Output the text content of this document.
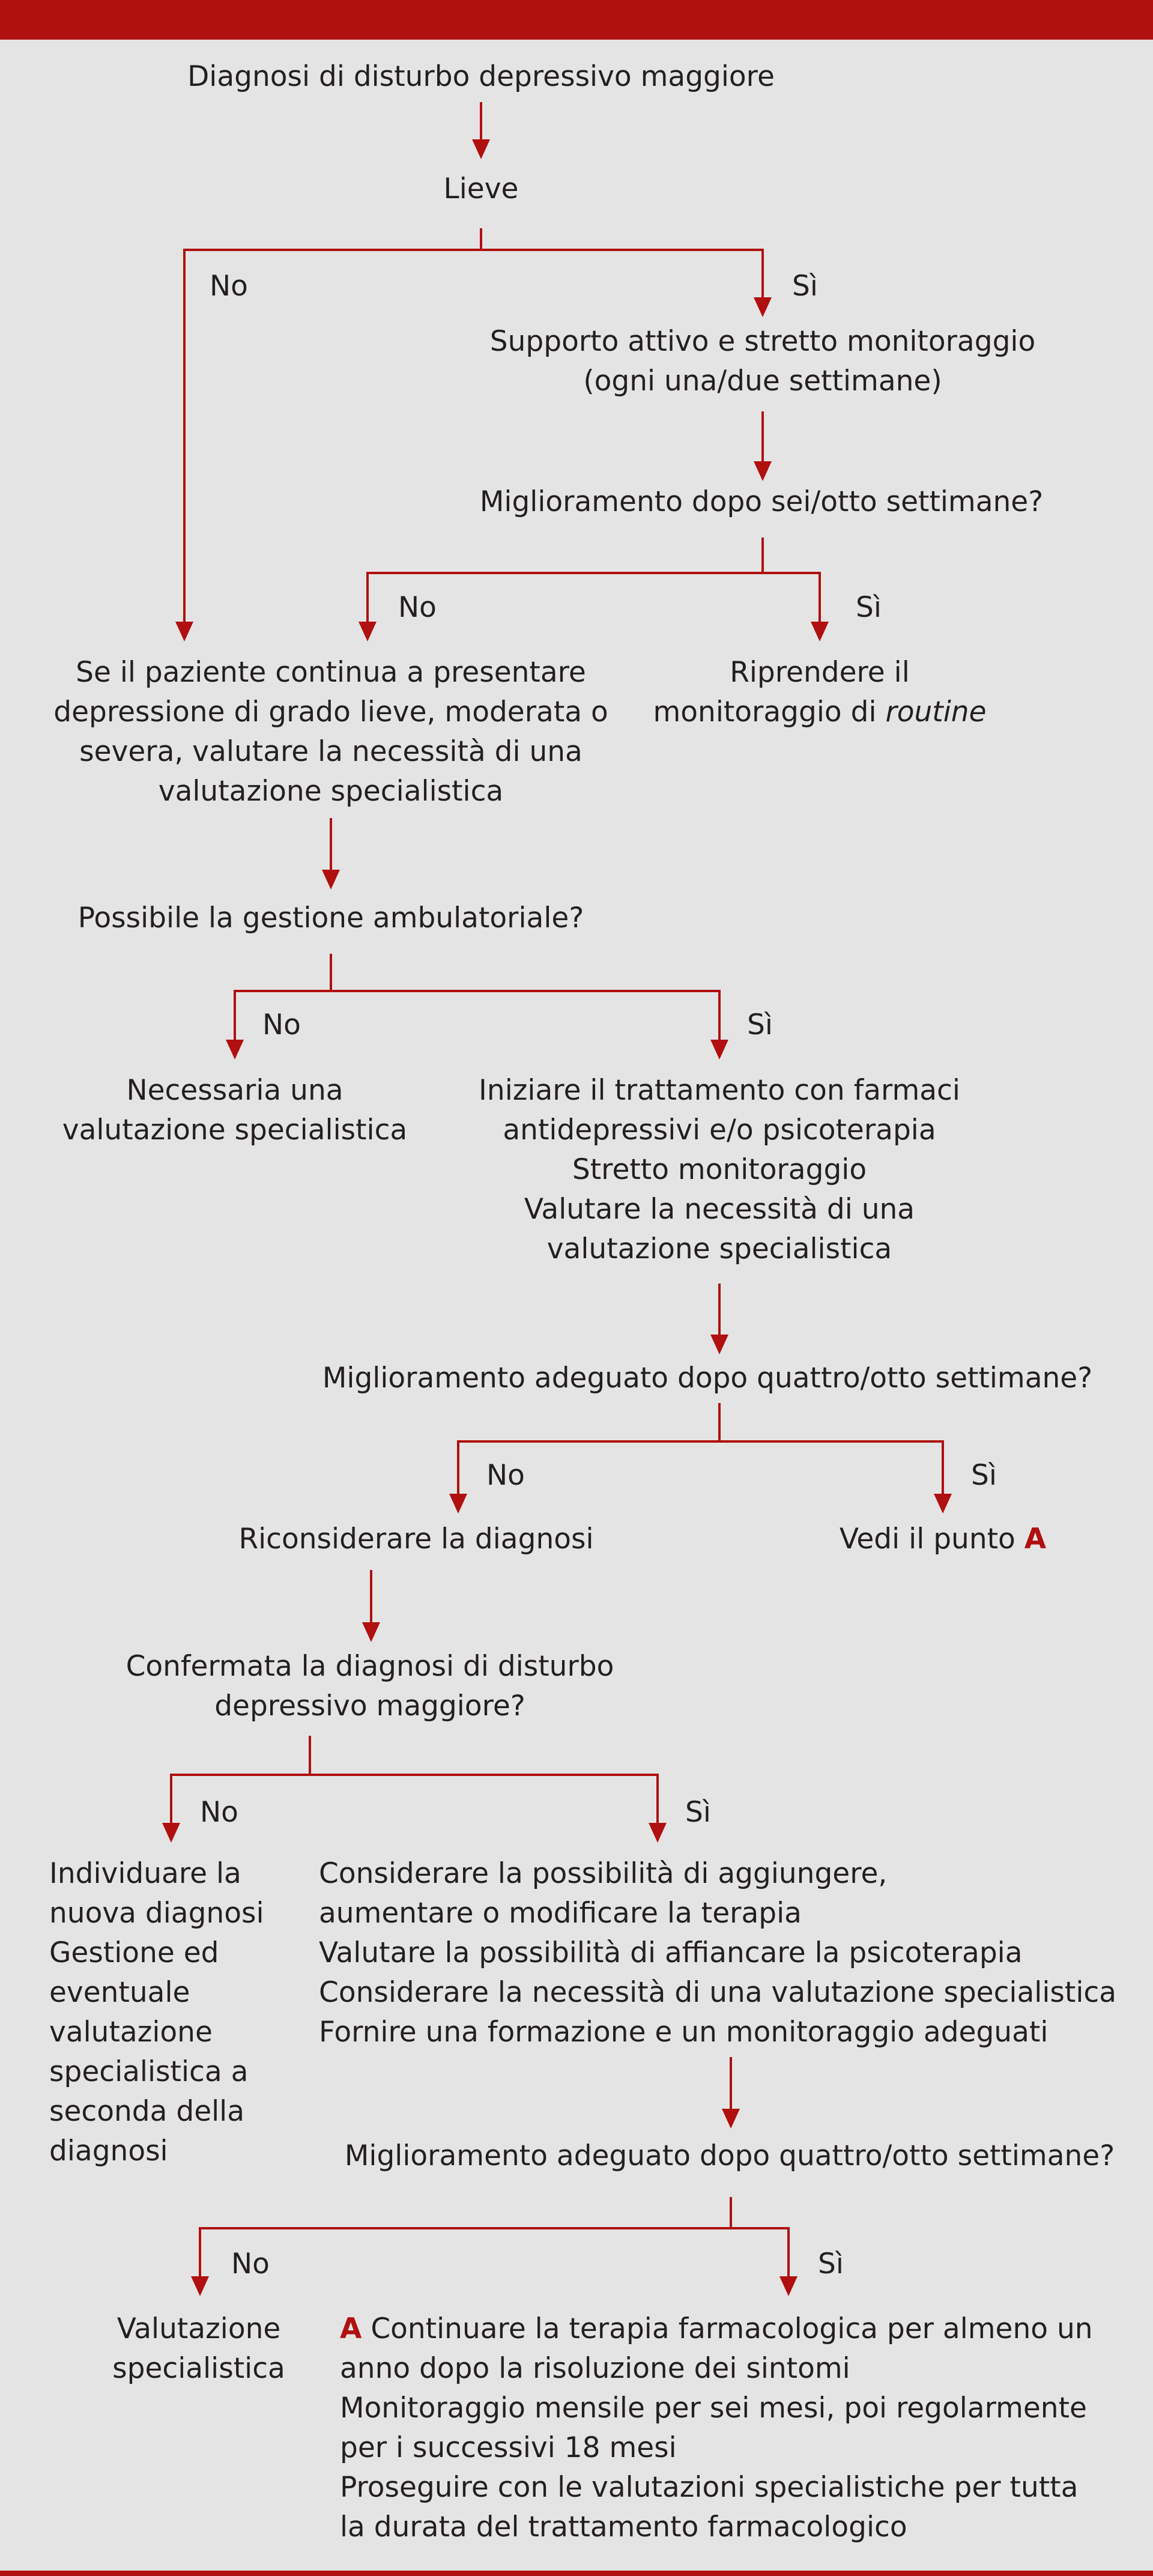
Diagnosi di disturbo depressivo maggiore

Lieve

No	Sì
Supporto attivo e stretto monitoraggio
(ogni una/due settimane)

Miglioramento dopo sei/otto settimane?

No	Sì
Se il paziente continua a presentare
depressione di grado lieve, moderata o
severa, valutare la necessità di una
valutazione specialistica
Riprendere il
monitoraggio di routine

Possibile la gestione ambulatoriale?

No	Sì
Necessaria una
valutazione specialistica
Iniziare il trattamento con farmaci
antidepressivi e/o psicoterapia
Stretto monitoraggio
Valutare la necessità di una
valutazione specialistica

Miglioramento adeguato dopo quattro/otto settimane?

No	Sì

Riconsiderare la diagnosi	Vedi il punto A

Confermata la diagnosi di disturbo
depressivo maggiore?
No	Sì
Individuare la
nuova diagnosi
Gestione ed
eventuale
valutazione
specialistica a
seconda della
diagnosi
Considerare la possibilità di aggiungere,
aumentare o modificare la terapia
Valutare la possibilità di affiancare la psicoterapia
Considerare la necessità di una valutazione specialistica
Fornire una formazione e un monitoraggio adeguati

Miglioramento adeguato dopo quattro/otto settimane?

No	Sì
Valutazione
specialistica
A Continuare la terapia farmacologica per almeno un
anno dopo la risoluzione dei sintomi
Monitoraggio mensile per sei mesi, poi regolarmente
per i successivi 18 mesi
Proseguire con le valutazioni specialistiche per tutta
la durata del trattamento farmacologico
